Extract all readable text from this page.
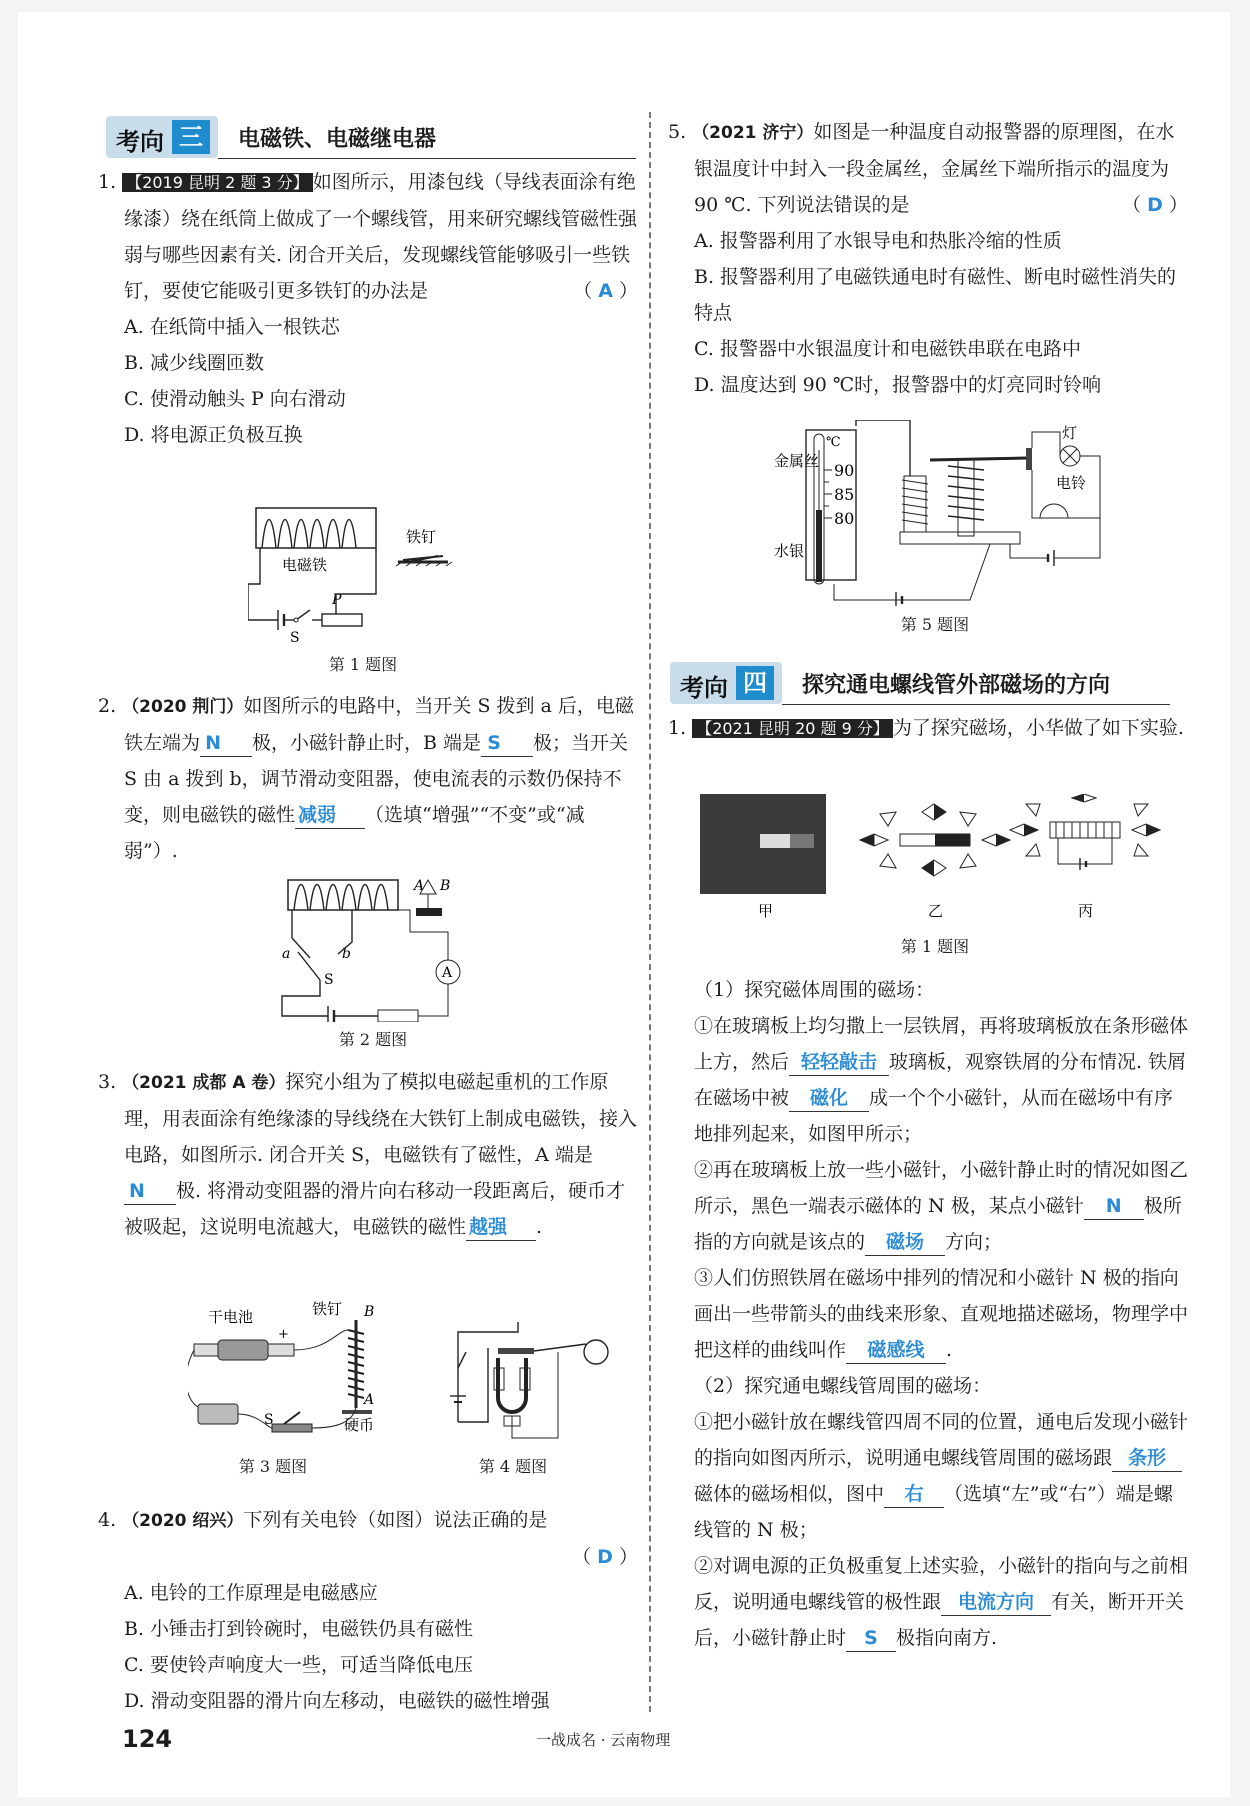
考向 三	电磁铁、电磁继电器

1. 【2019 昆明 2 题 3 分】 如图所示，用漆包线（导线表面涂有绝缘漆）绕在纸筒上做成了一个螺线管，用来研究螺线管磁性强弱与哪些因素有关. 闭合开关后，发现螺线管能够吸引一些铁钉，要使它能吸引更多铁钉的办法是	（ A ）

A. 在纸筒中插入一根铁芯

B. 减少线圈匝数

C. 使滑动触头 P 向右滑动

D. 将电源正负极互换

电磁铁
S
P
铁钉
第 1 题图

2. （2020 荆门）如图所示的电路中，当开关 S 拨到 a 后，电磁铁左端为 N 极，小磁针静止时，B 端是 S 极；当开关 S 由 a 拨到 b，调节滑动变阻器，使电流表的示数仍保持不变，则电磁铁的磁性 减弱 （选填“增强”“不变”或“减弱”）.

A B
a	b
S	A
第 2 题图

3. （2021 成都 A 卷）探究小组为了模拟电磁起重机的工作原理，用表面涂有绝缘漆的导线绕在大铁钉上制成电磁铁，接入电路，如图所示. 闭合开关 S，电磁铁有了磁性，A 端是N 极. 将滑动变阻器的滑片向右移动一段距离后，硬币才被吸起，这说明电流越大，电磁铁的磁性 越强 .

干电池
+
铁钉 B
A
硬币
S
第 3 题图	第 4 题图

4. （2020 绍兴）下列有关电铃（如图）说法正确的是

（ D ）

A. 电铃的工作原理是电磁感应

B. 小锤击打到铃碗时，电磁铁仍具有磁性

C. 要使铃声响度大一些，可适当降低电压

D. 滑动变阻器的滑片向左移动，电磁铁的磁性增强

5. （2021 济宁）如图是一种温度自动报警器的原理图，在水银温度计中封入一段金属丝，金属丝下端所指示的温度为 90 ℃. 下列说法错误的是	（ D ）

A. 报警器利用了水银导电和热胀冷缩的性质

B. 报警器利用了电磁铁通电时有磁性、断电时磁性消失的特点

C. 报警器中水银温度计和电磁铁串联在电路中

D. 温度达到 90 ℃时，报警器中的灯亮同时铃响

金属丝
水银
℃
90
85
80
灯
电铃
第 5 题图
考向 四	探究通电螺线管外部磁场的方向

1. 【2021 昆明 20 题 9 分】 为了探究磁场，小华做了如下实验.

甲	乙	丙
第 1 题图

（1）探究磁体周围的磁场：

①在玻璃板上均匀撒上一层铁屑，再将玻璃板放在条形磁体上方，然后 轻轻敲击 玻璃板，观察铁屑的分布情况. 铁屑在磁场中被 磁化 成一个个小磁针，从而在磁场中有序地排列起来，如图甲所示；

②再在玻璃板上放一些小磁针，小磁针静止时的情况如图乙所示，黑色一端表示磁体的 N 极，某点小磁针 N 极所指的方向就是该点的 磁场 方向；

③人们仿照铁屑在磁场中排列的情况和小磁针 N 极的指向画出一些带箭头的曲线来形象、直观地描述磁场，物理学中把这样的曲线叫作 磁感线 .

（2）探究通电螺线管周围的磁场：

①把小磁针放在螺线管四周不同的位置，通电后发现小磁针的指向如图丙所示，说明通电螺线管周围的磁场跟 条形磁体的磁场相似，图中 右 （选填“左”或“右”）端是螺线管的 N 极；

②对调电源的正负极重复上述实验，小磁针的指向与之前相反，说明通电螺线管的极性跟 电流方向 有关，断开开关后，小磁针静止时 S 极指向南方.

124	一战成名 · 云南物理
